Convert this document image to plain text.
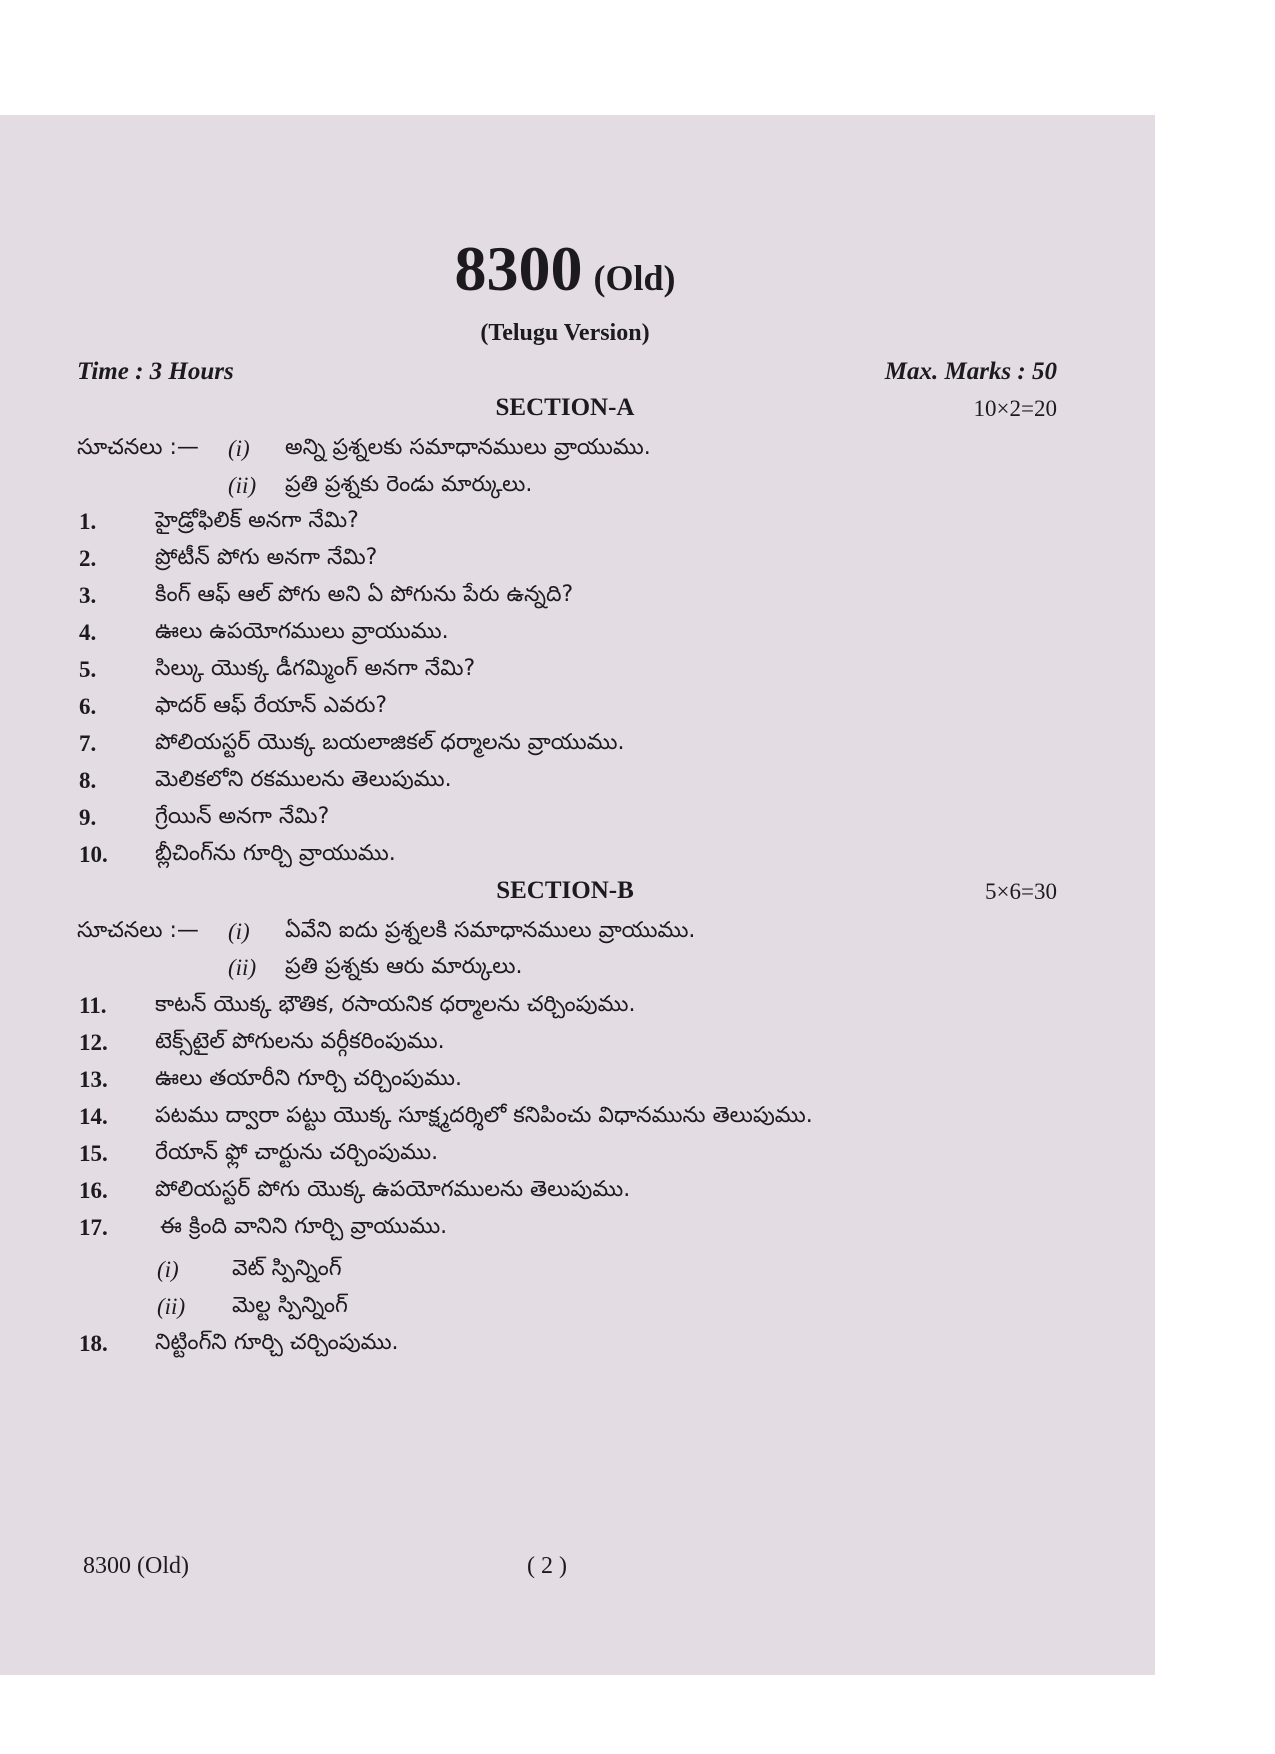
8300 (Old)
(Telugu Version)
Time : 3 Hours	Max. Marks : 50
SECTION-A	10×2=20
సూచనలు :— (i) అన్ని ప్రశ్నలకు సమాధానములు వ్రాయుము.
(ii) ప్రతి ప్రశ్నకు రెండు మార్కులు.
1.	హైడ్రోఫిలిక్ అనగా నేమి?
2.	ప్రోటీన్ పోగు అనగా నేమి?
3.	కింగ్ ఆఫ్ ఆల్ పోగు అని ఏ పోగును పేరు ఉన్నది?
4.	ఊలు ఉపయోగములు వ్రాయుము.
5.	సిల్కు యొక్క డీగమ్మింగ్ అనగా నేమి?
6.	ఫాదర్ ఆఫ్ రేయాన్ ఎవరు?
7.	పోలియస్టర్ యొక్క బయలాజికల్ ధర్మాలను వ్రాయుము.
8.	మెలికలోని రకములను తెలుపుము.
9.	గ్రేయిన్ అనగా నేమి?
10. బ్లీచింగ్‌ను గూర్చి వ్రాయుము.
SECTION-B	5×6=30
సూచనలు :— (i) ఏవేని ఐదు ప్రశ్నలకి సమాధానములు వ్రాయుము.
(ii) ప్రతి ప్రశ్నకు ఆరు మార్కులు.
11. కాటన్ యొక్క భౌతిక, రసాయనిక ధర్మాలను చర్చింపుము.
12. టెక్స్‌టైల్ పోగులను వర్గీకరింపుము.
13. ఊలు తయారీని గూర్చి చర్చింపుము.
14. పటము ద్వారా పట్టు యొక్క సూక్ష్మదర్శిలో కనిపించు విధానమును తెలుపుము.
15. రేయాన్ ఫ్లో చార్టును చర్చింపుము.
16. పోలియస్టర్ పోగు యొక్క ఉపయోగములను తెలుపుము.
17. ఈ క్రింది వానిని గూర్చి వ్రాయుము.
(i) వెట్ స్పిన్నింగ్
(ii) మెల్ట స్పిన్నింగ్
18. నిట్టింగ్‌ని గూర్చి చర్చింపుము.
8300 (Old)	( 2 )
